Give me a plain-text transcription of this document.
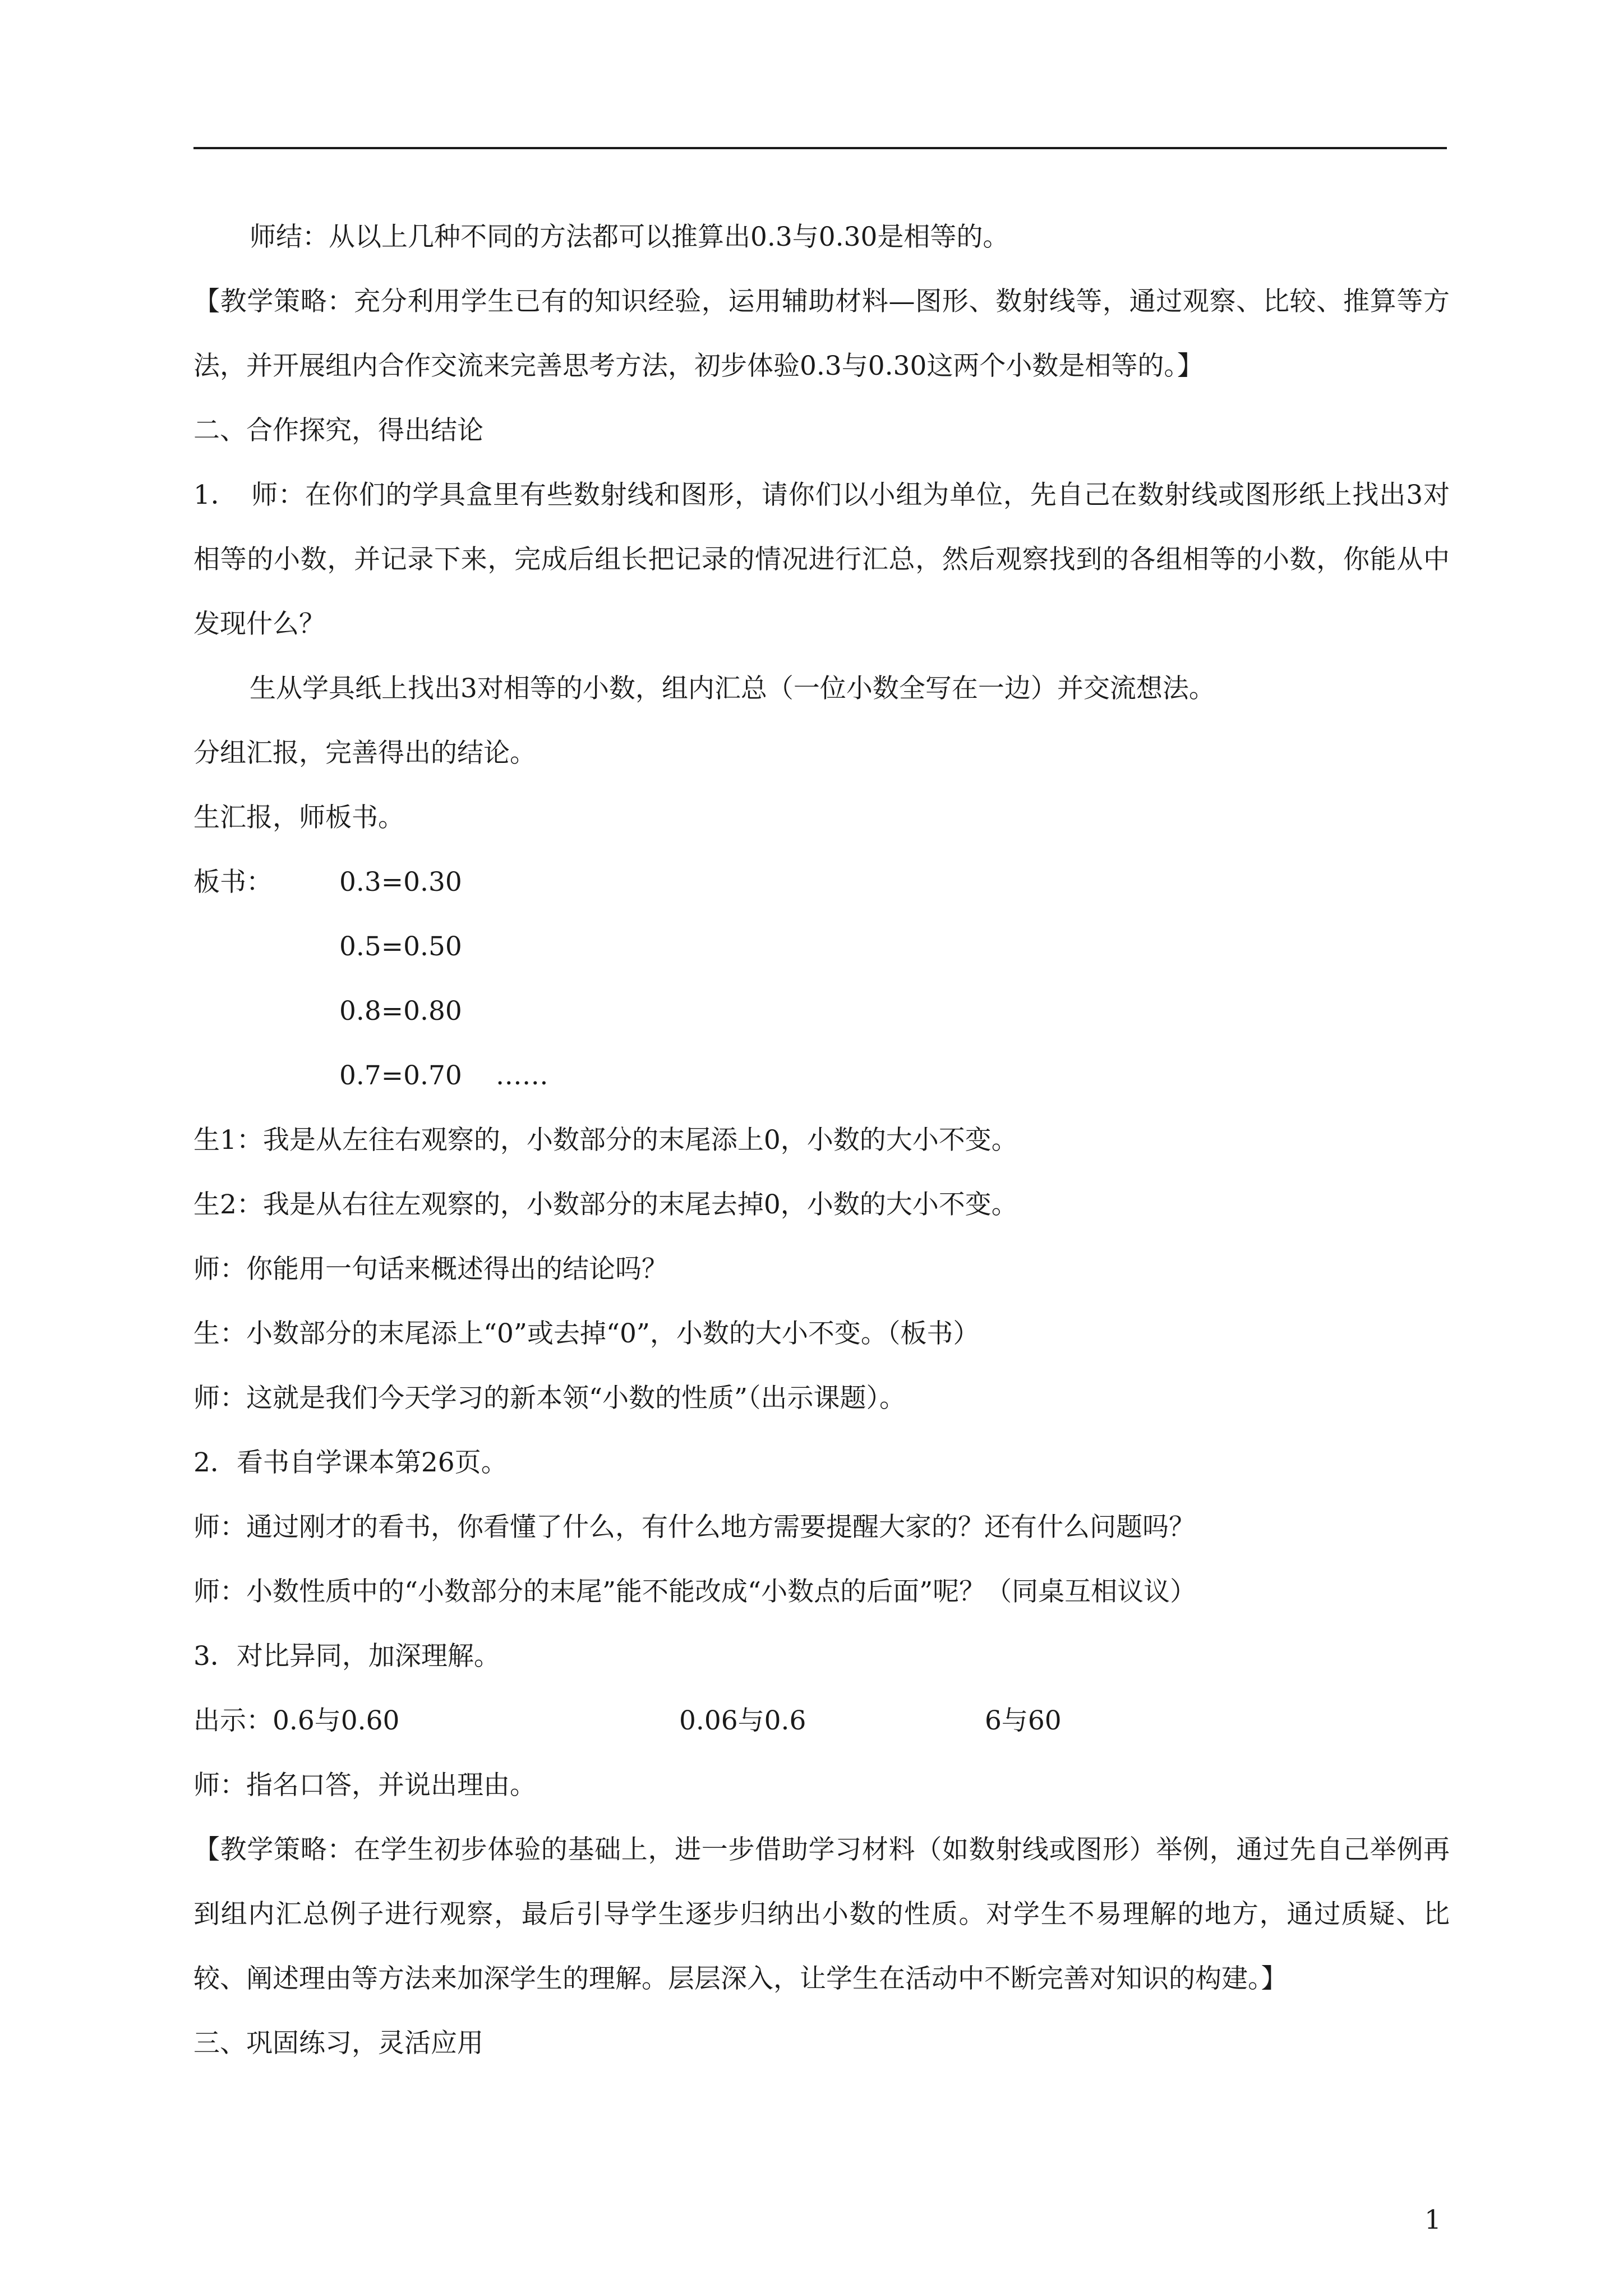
师结：从以上几种不同的方法都可以推算出0.3与0.30是相等的。

【教学策略：充分利用学生已有的知识经验，运用辅助材料—图形、数射线等，通过观察、比较、推算等方法，并开展组内合作交流来完善思考方法，初步体验0.3与0.30这两个小数是相等的。】

二、合作探究，得出结论

1．　师：在你们的学具盒里有些数射线和图形，请你们以小组为单位，先自己在数射线或图形纸上找出3对相等的小数，并记录下来，完成后组长把记录的情况进行汇总，然后观察找到的各组相等的小数，你能从中发现什么？

生从学具纸上找出3对相等的小数，组内汇总（一位小数全写在一边）并交流想法。

分组汇报，完善得出的结论。

生汇报，师板书。

板书：	0.3=0.30
0.5=0.50
0.8=0.80
0.7=0.70 ……

生1：我是从左往右观察的，小数部分的末尾添上0，小数的大小不变。

生2：我是从右往左观察的，小数部分的末尾去掉0，小数的大小不变。

师：你能用一句话来概述得出的结论吗？

生：小数部分的末尾添上“0”或去掉“0”，小数的大小不变。（板书）

师：这就是我们今天学习的新本领“小数的性质”（出示课题）。

2．看书自学课本第26页。

师：通过刚才的看书，你看懂了什么，有什么地方需要提醒大家的？还有什么问题吗？

师：小数性质中的“小数部分的末尾”能不能改成“小数点的后面”呢？（同桌互相议议）

3．对比异同，加深理解。

出示：0.6与0.60	0.06与0.6	6与60

师：指名口答，并说出理由。

【教学策略：在学生初步体验的基础上，进一步借助学习材料（如数射线或图形）举例，通过先自己举例再到组内汇总例子进行观察，最后引导学生逐步归纳出小数的性质。对学生不易理解的地方，通过质疑、比较、阐述理由等方法来加深学生的理解。层层深入，让学生在活动中不断完善对知识的构建。】

三、巩固练习，灵活应用

1
